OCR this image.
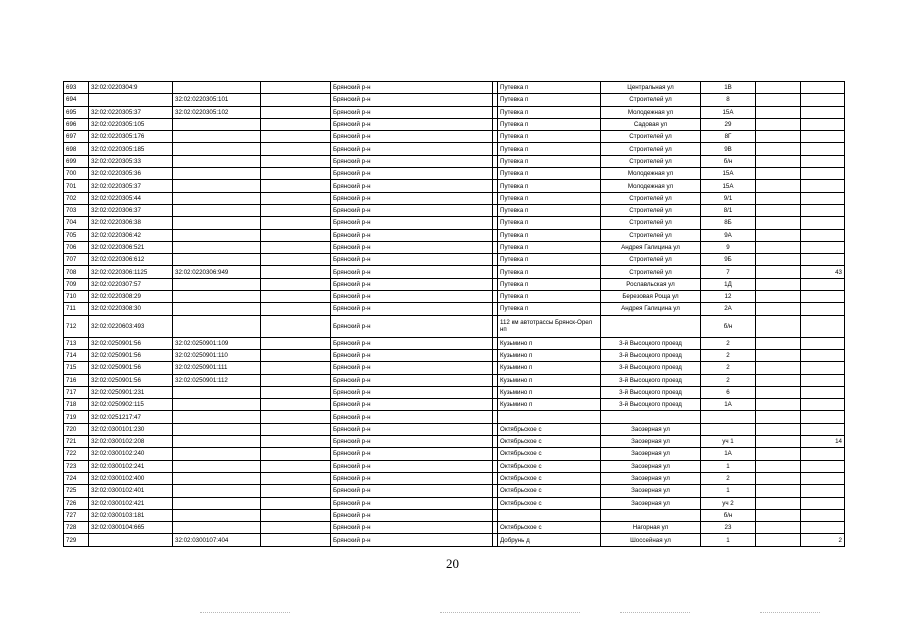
693	32:02:0220304:9			Брянский р-н		Путевка п	Центральная ул	1В		
694		32:02:0220305:101		Брянский р-н		Путевка п	Строителей ул	8		
695	32:02:0220305:37	32:02:0220305:102		Брянский р-н		Путевка п	Молодежная ул	15А		
696	32:02:0220305:105			Брянский р-н		Путевка п	Садовая ул	29		
697	32:02:0220305:176			Брянский р-н		Путевка п	Строителей ул	8Г		
698	32:02:0220305:185			Брянский р-н		Путевка п	Строителей ул	9В		
699	32:02:0220305:33			Брянский р-н		Путевка п	Строителей ул	б/н		
700	32:02:0220305:36			Брянский р-н		Путевка п	Молодежная ул	15А		
701	32:02:0220305:37			Брянский р-н		Путевка п	Молодежная ул	15А		
702	32:02:0220305:44			Брянский р-н		Путевка п	Строителей ул	9/1		
703	32:02:0220306:37			Брянский р-н		Путевка п	Строителей ул	8/1		
704	32:02:0220306:38			Брянский р-н		Путевка п	Строителей ул	8Б		
705	32:02:0220306:42			Брянский р-н		Путевка п	Строителей ул	9А		
706	32:02:0220306:521			Брянский р-н		Путевка п	Андрея Галицина ул	9		
707	32:02:0220306:612			Брянский р-н		Путевка п	Строителей ул	9Б		
708	32:02:0220306:1125	32:02:0220306:949		Брянский р-н		Путевка п	Строителей ул	7		43
709	32:02:0220307:57			Брянский р-н		Путевка п	Рославльская ул	1Д		
710	32:02:0220308:29			Брянский р-н		Путевка п	Березовая Роща ул	12		
711	32:02:0220308:30			Брянский р-н		Путевка п	Андрея Галицина ул	2А		
712	32:02:0220603:493			Брянский р-н		112 км автотрассы Брянск-Орел нп		б/н		
713	32:02:0250901:56	32:02:0250901:109		Брянский р-н		Кузьмино п	3-й Высоцкого проезд	2		
714	32:02:0250901:56	32:02:0250901:110		Брянский р-н		Кузьмино п	3-й Высоцкого проезд	2		
715	32:02:0250901:56	32:02:0250901:111		Брянский р-н		Кузьмино п	3-й Высоцкого проезд	2		
716	32:02:0250901:56	32:02:0250901:112		Брянский р-н		Кузьмино п	3-й Высоцкого проезд	2		
717	32:02:0250901:231			Брянский р-н		Кузьмино п	3-й Высоцкого проезд	6		
718	32:02:0250902:115			Брянский р-н		Кузьмино п	3-й Высоцкого проезд	1А		
719	32:02:0251217:47			Брянский р-н						
720	32:02:0300101:230			Брянский р-н		Октябрьское с	Заозерная ул			
721	32:02:0300102:208			Брянский р-н		Октябрьское с	Заозерная ул	уч 1		14
722	32:02:0300102:240			Брянский р-н		Октябрьское с	Заозерная ул	1А		
723	32:02:0300102:241			Брянский р-н		Октябрьское с	Заозерная ул	1		
724	32:02:0300102:400			Брянский р-н		Октябрьское с	Заозерная ул	2		
725	32:02:0300102:401			Брянский р-н		Октябрьское с	Заозерная ул	1		
726	32:02:0300102:421			Брянский р-н		Октябрьское с	Заозерная ул	уч 2		
727	32:02:0300103:181			Брянский р-н				б/н		
728	32:02:0300104:665			Брянский р-н		Октябрьское с	Нагорная ул	23		
729		32:02:0300107:404		Брянский р-н		Добрунь д	Шоссейная ул	1		2
20
